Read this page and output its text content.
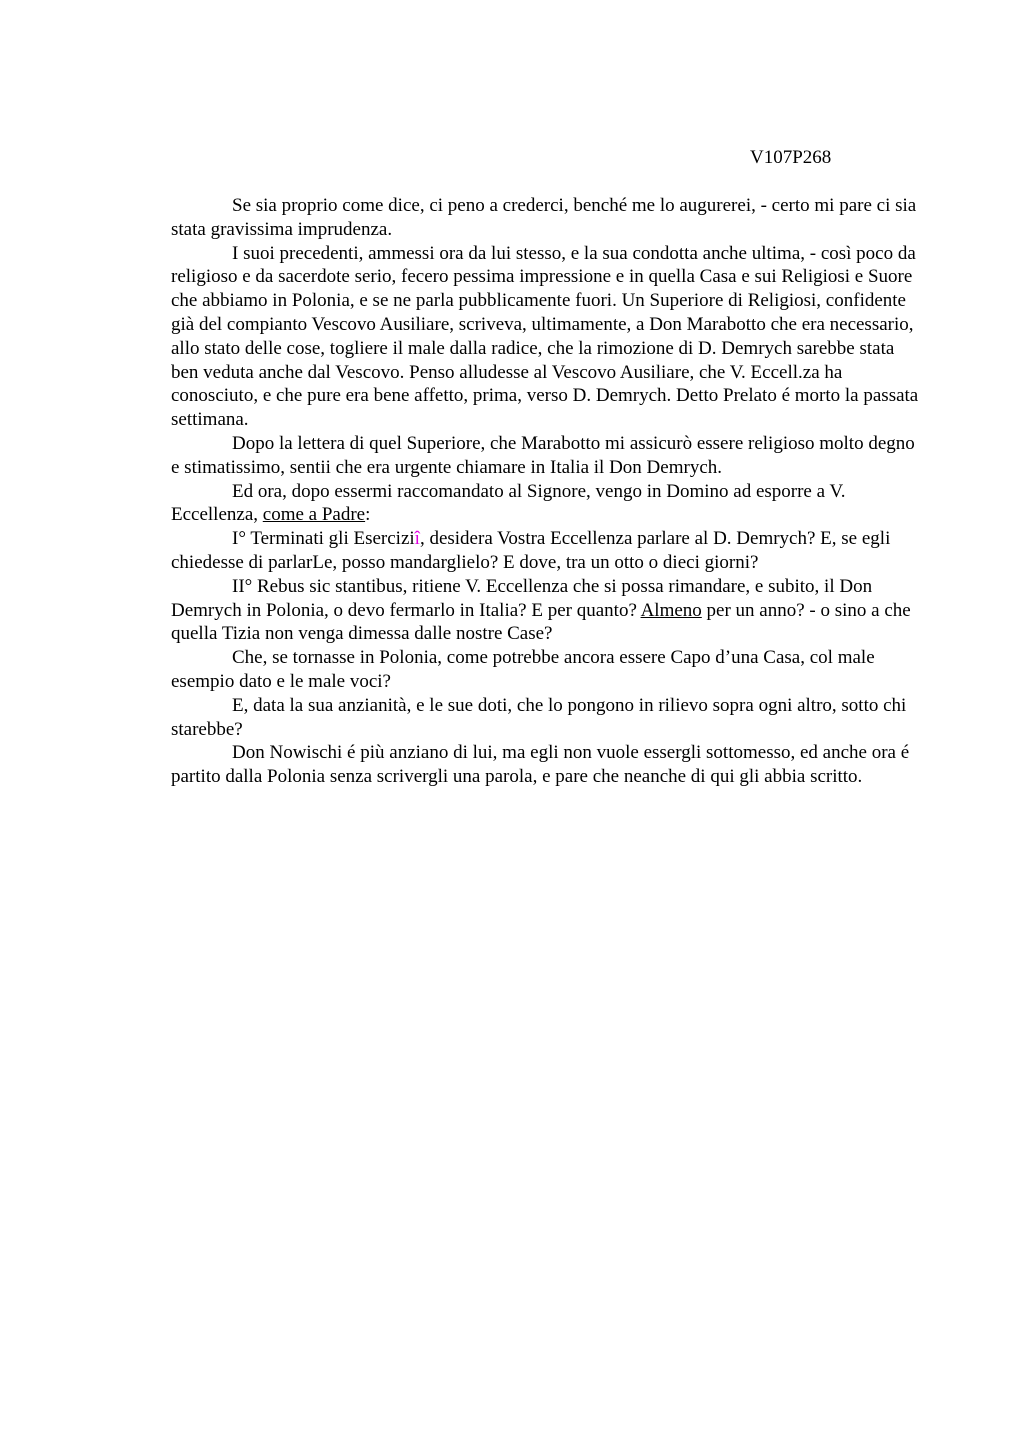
V107P268

Se sia proprio come dice, ci peno a crederci, benché me lo augurerei, - certo mi pare ci sia stata gravissima imprudenza.

I suoi precedenti, ammessi ora da lui stesso, e la sua condotta anche ultima, - così poco da religioso e da sacerdote serio, fecero pessima impressione e in quella Casa e sui Religiosi e Suore che abbiamo in Polonia, e se ne parla pubblicamente fuori. Un Superiore di Religiosi, confidente già del compianto Vescovo Ausiliare, scriveva, ultimamente, a Don Marabotto che era necessario, allo stato delle cose, togliere il male dalla radice, che la rimozione di D. Demrych sarebbe stata ben veduta anche dal Vescovo. Penso alludesse al Vescovo Ausiliare, che V. Eccell.za ha conosciuto, e che pure era bene affetto, prima, verso D. Demrych. Detto Prelato é morto la passata settimana.

Dopo la lettera di quel Superiore, che Marabotto mi assicurò essere religioso molto degno e stimatissimo, sentii che era urgente chiamare in Italia il Don Demrych.

Ed ora, dopo essermi raccomandato al Signore, vengo in Domino ad esporre a V. Eccellenza, come a Padre:

I° Terminati gli Eserciziî, desidera Vostra Eccellenza parlare al D. Demrych? E, se egli chiedesse di parlarLe, posso mandarglielo? E dove, tra un otto o dieci giorni?

II° Rebus sic stantibus, ritiene V. Eccellenza che si possa rimandare, e subito, il Don Demrych in Polonia, o devo fermarlo in Italia? E per quanto? Almeno per un anno? - o sino a che quella Tizia non venga dimessa dalle nostre Case?

Che, se tornasse in Polonia, come potrebbe ancora essere Capo d’una Casa, col male esempio dato e le male voci?

E, data la sua anzianità, e le sue doti, che lo pongono in rilievo sopra ogni altro, sotto chi starebbe?

Don Nowischi é più anziano di lui, ma egli non vuole essergli sottomesso, ed anche ora é partito dalla Polonia senza scrivergli una parola, e pare che neanche di qui gli abbia scritto.
